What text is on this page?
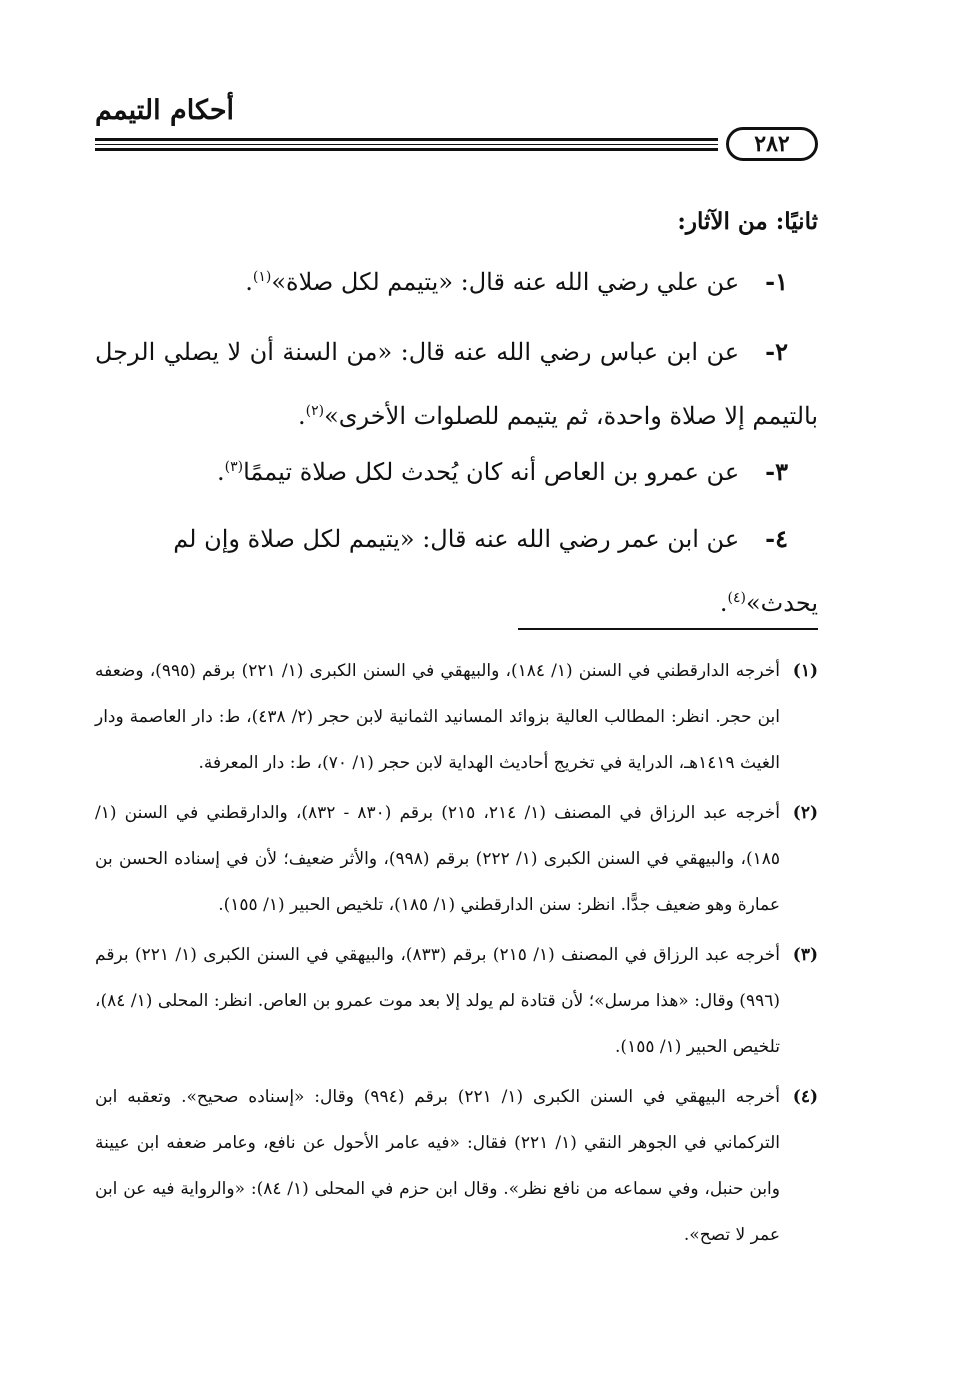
أحكام التيمم
٢٨٢
ثانيًا: من الآثار:
١-عن علي رضي الله عنه قال: «يتيمم لكل صلاة»$^{(١)}$.
٢-عن ابن عباس رضي الله عنه قال: «من السنة أن لا يصلي الرجل بالتيمم إلا صلاة واحدة، ثم يتيمم للصلوات الأخرى»$^{(٢)}$.
٣-عن عمرو بن العاص أنه كان يُحدث لكل صلاة تيممًا$^{(٣)}$.
٤-عن ابن عمر رضي الله عنه قال: «يتيمم لكل صلاة وإن لم يحدث»$^{(٤)}$.
(١)
أخرجه الدارقطني في السنن (١/ ١٨٤)، والبيهقي في السنن الكبرى (١/ ٢٢١) برقم (٩٩٥)، وضعفه ابن حجر. انظر: المطالب العالية بزوائد المسانيد الثمانية لابن حجر (٢/ ٤٣٨)، ط: دار العاصمة ودار الغيث ١٤١٩هـ، الدراية في تخريج أحاديث الهداية لابن حجر (١/ ٧٠)، ط: دار المعرفة.
(٢)
أخرجه عبد الرزاق في المصنف (١/ ٢١٤، ٢١٥) برقم (٨٣٠ - ٨٣٢)، والدارقطني في السنن (١/ ١٨٥)، والبيهقي في السنن الكبرى (١/ ٢٢٢) برقم (٩٩٨)، والأثر ضعيف؛ لأن في إسناده الحسن بن عمارة وهو ضعيف جدًّا. انظر: سنن الدارقطني (١/ ١٨٥)، تلخيص الحبير (١/ ١٥٥).
(٣)
أخرجه عبد الرزاق في المصنف (١/ ٢١٥) برقم (٨٣٣)، والبيهقي في السنن الكبرى (١/ ٢٢١) برقم (٩٩٦) وقال: «هذا مرسل»؛ لأن قتادة لم يولد إلا بعد موت عمرو بن العاص. انظر: المحلى (١/ ٨٤)، تلخيص الحبير (١/ ١٥٥).
(٤)
أخرجه البيهقي في السنن الكبرى (١/ ٢٢١) برقم (٩٩٤) وقال: «إسناده صحيح». وتعقبه ابن التركماني في الجوهر النقي (١/ ٢٢١) فقال: «فيه عامر الأحول عن نافع، وعامر ضعفه ابن عيينة وابن حنبل، وفي سماعه من نافع نظر». وقال ابن حزم في المحلى (١/ ٨٤): «والرواية فيه عن ابن عمر لا تصح».
